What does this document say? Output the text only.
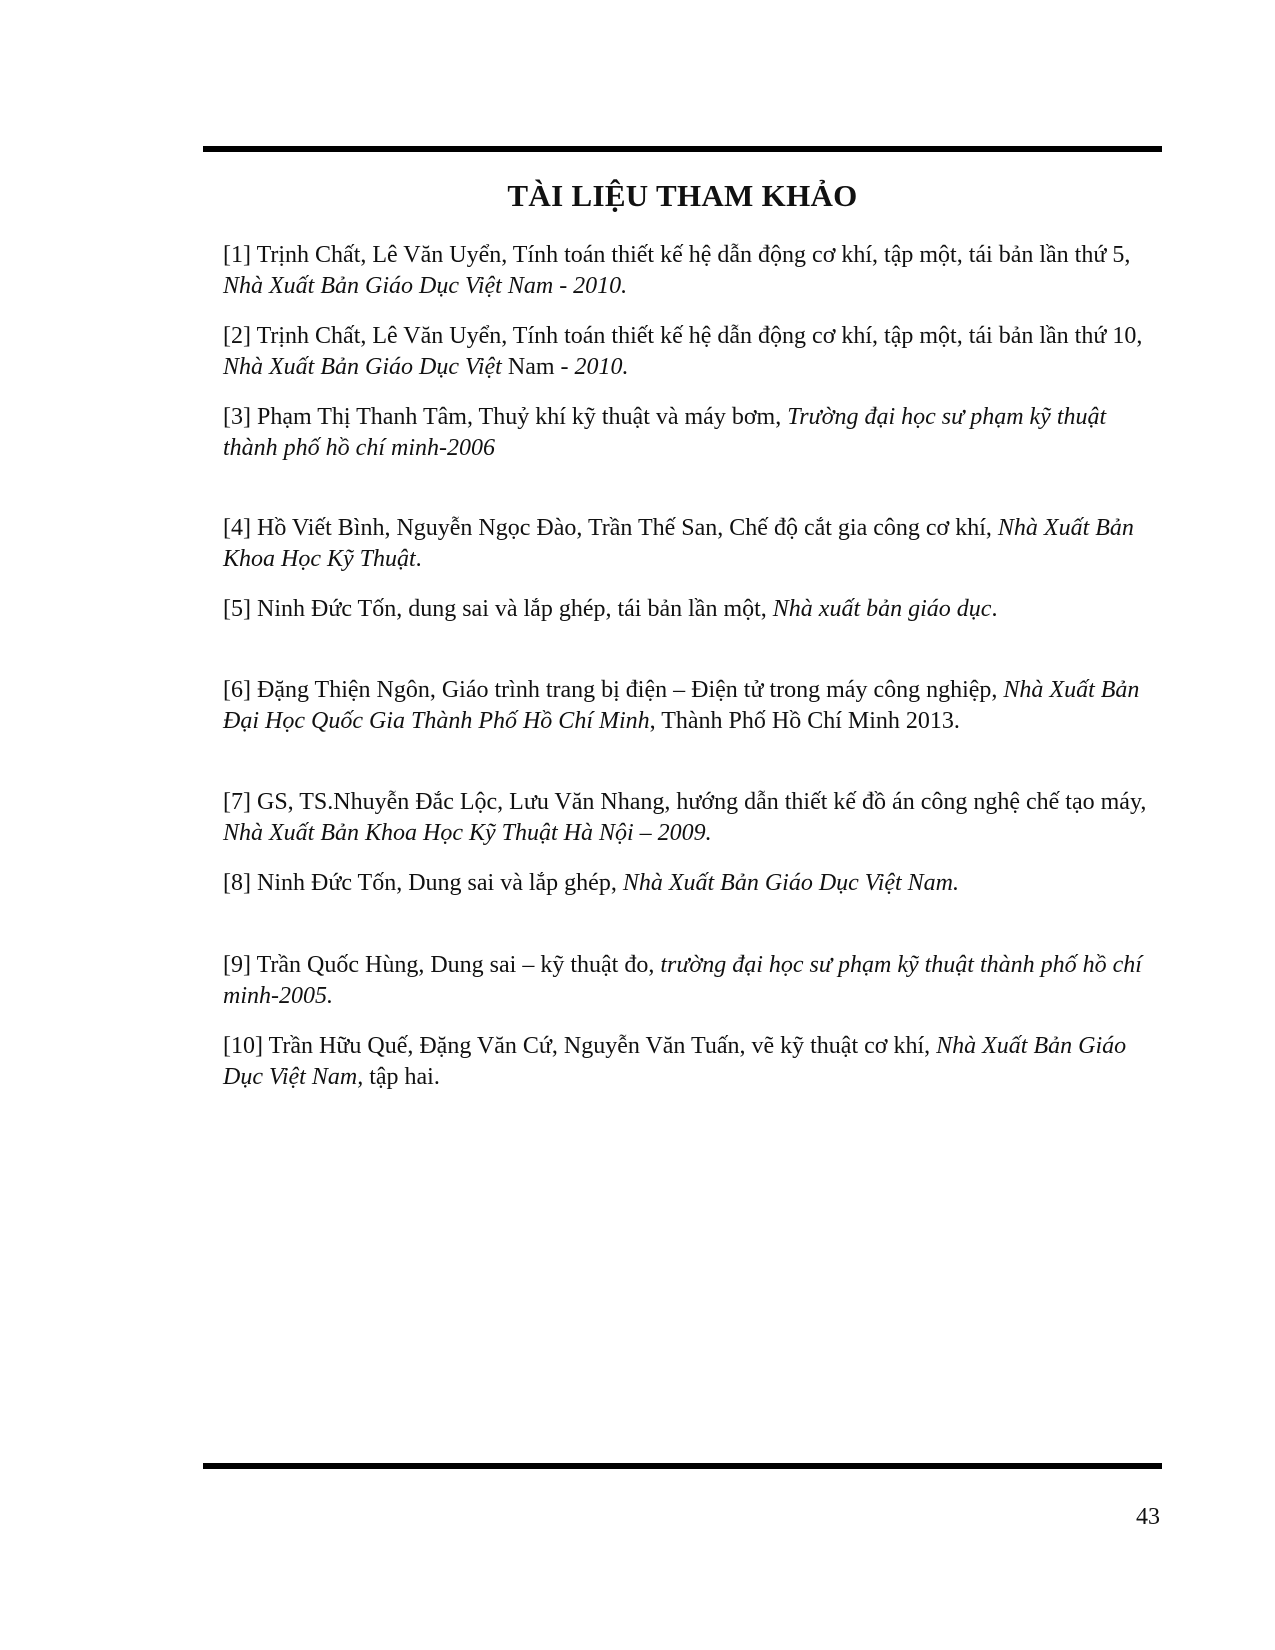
TÀI LIỆU THAM KHẢO

[1] Trịnh Chất, Lê Văn Uyển, Tính toán thiết kế hệ dẫn động cơ khí, tập một, tái bản lần thứ 5, Nhà Xuất Bản Giáo Dục Việt Nam - 2010.

[2] Trịnh Chất, Lê Văn Uyển, Tính toán thiết kế hệ dẫn động cơ khí, tập một, tái bản lần thứ 10, Nhà Xuất Bản Giáo Dục Việt Nam - 2010.

[3] Phạm Thị Thanh Tâm, Thuỷ khí kỹ thuật và máy bơm, Trường đại học sư phạm kỹ thuật thành phố hồ chí minh-2006

[4] Hồ Viết Bình, Nguyễn Ngọc Đào, Trần Thế San, Chế độ cắt gia công cơ khí, Nhà Xuất Bản Khoa Học Kỹ Thuật.

[5] Ninh Đức Tốn, dung sai và lắp ghép, tái bản lần một, Nhà xuất bản giáo dục.

[6] Đặng Thiện Ngôn, Giáo trình trang bị điện – Điện tử trong máy công nghiệp, Nhà Xuất Bản Đại Học Quốc Gia Thành Phố Hồ Chí Minh, Thành Phố Hồ Chí Minh 2013.

[7] GS, TS.Nhuyễn Đắc Lộc, Lưu Văn Nhang, hướng dẫn thiết kế đồ án công nghệ chế tạo máy, Nhà Xuất Bản Khoa Học Kỹ Thuật Hà Nội – 2009.

[8] Ninh Đức Tốn, Dung sai và lắp ghép, Nhà Xuất Bản Giáo Dục Việt Nam.

[9] Trần Quốc Hùng, Dung sai – kỹ thuật đo, trường đại học sư phạm kỹ thuật thành phố hồ chí minh-2005.

[10] Trần Hữu Quế, Đặng Văn Cứ, Nguyễn Văn Tuấn, vẽ kỹ thuật cơ khí, Nhà Xuất Bản Giáo Dục Việt Nam, tập hai.

43
